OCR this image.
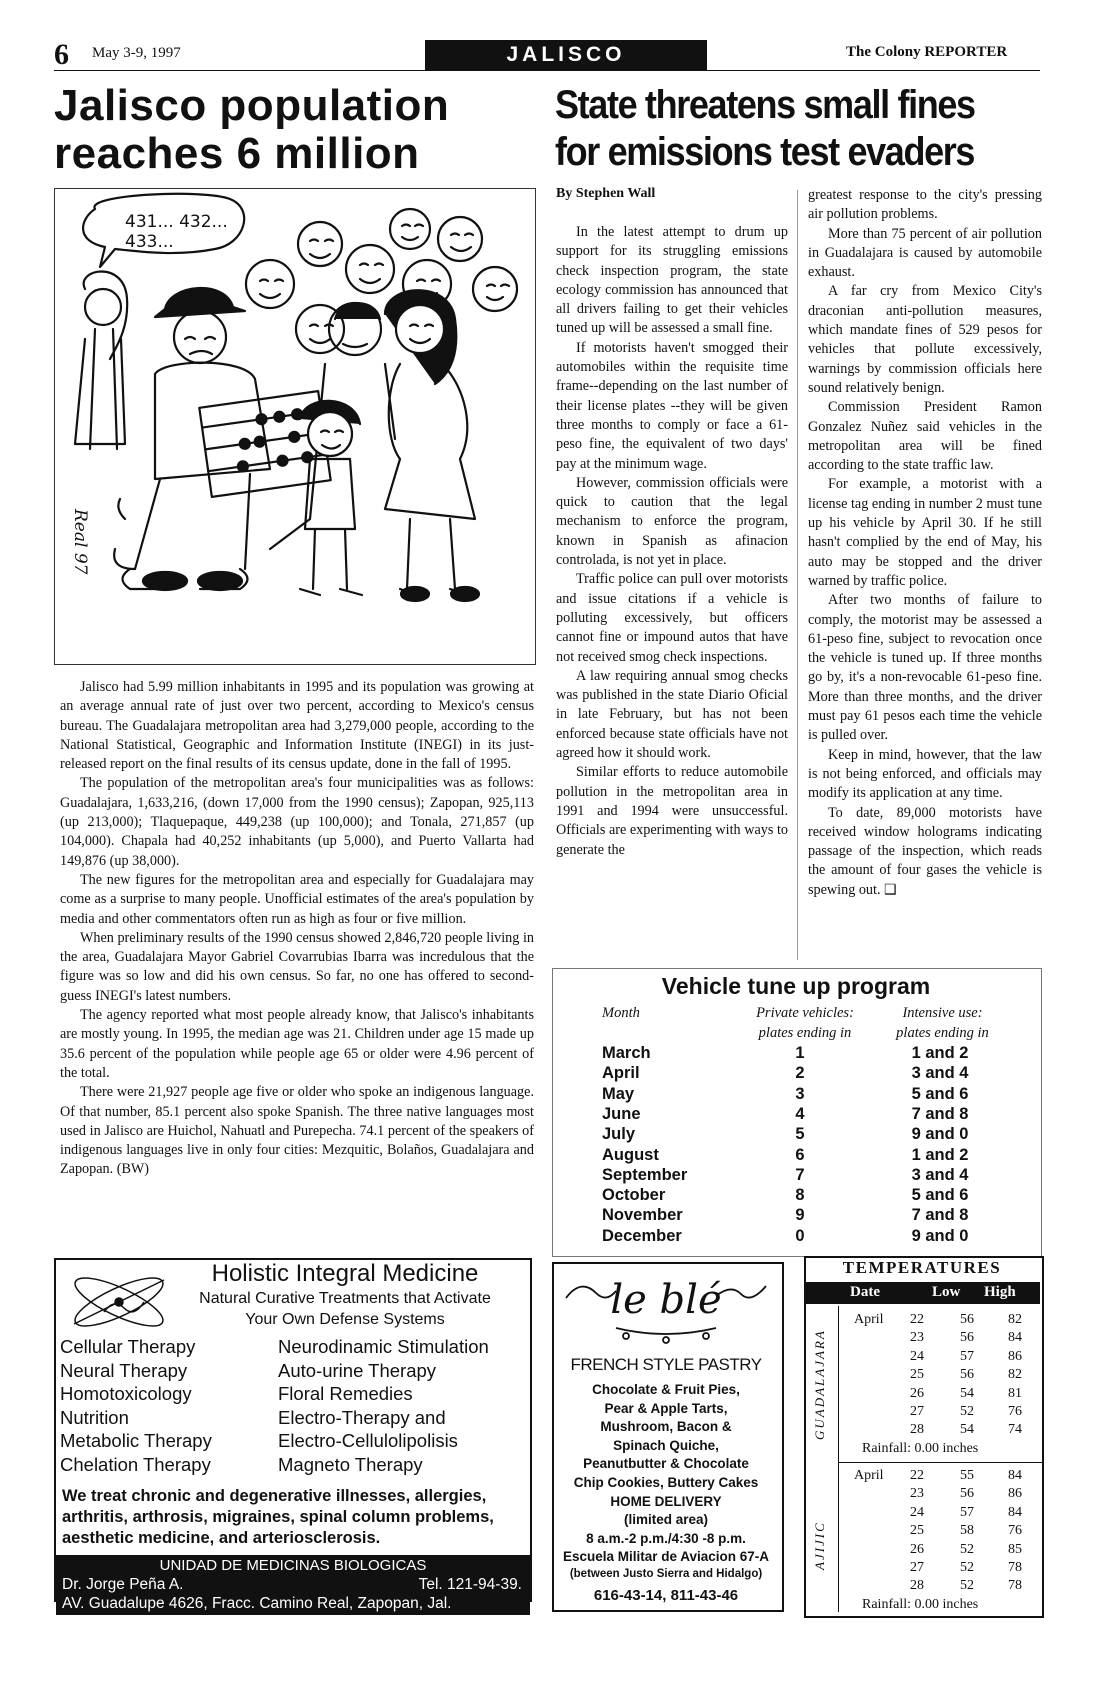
6 May 3-9, 1997	JALISCO	The Colony REPORTER
Jalisco population
reaches 6 million
431... 432...
433...
Real 97

Jalisco had 5.99 million inhabitants in 1995 and its population was growing at an average annual rate of just over two percent, according to Mexico's census bureau. The Guadalajara metropolitan area had 3,279,000 people, according to the National Statistical, Geographic and Information Institute (INEGI) in its just-released report on the final results of its census update, done in the fall of 1995.

The population of the metropolitan area's four municipalities was as follows: Guadalajara, 1,633,216, (down 17,000 from the 1990 census); Zapopan, 925,113 (up 213,000); Tlaquepaque, 449,238 (up 100,000); and Tonala, 271,857 (up 104,000). Chapala had 40,252 inhabitants (up 5,000), and Puerto Vallarta had 149,876 (up 38,000).

The new figures for the metropolitan area and especially for Guadalajara may come as a surprise to many people. Unofficial estimates of the area's population by media and other commentators often run as high as four or five million.

When preliminary results of the 1990 census showed 2,846,720 people living in the area, Guadalajara Mayor Gabriel Covarrubias Ibarra was incredulous that the figure was so low and did his own census. So far, no one has offered to second-guess INEGI's latest numbers.

The agency reported what most people already know, that Jalisco's inhabitants are mostly young. In 1995, the median age was 21. Children under age 15 made up 35.6 percent of the population while people age 65 or older were 4.96 percent of the total.

There were 21,927 people age five or older who spoke an indigenous language. Of that number, 85.1 percent also spoke Spanish. The three native languages most used in Jalisco are Huichol, Nahuatl and Purepecha. 74.1 percent of the speakers of indigenous languages live in only four cities: Mezquitic, Bolaños, Guadalajara and Zapopan. (BW)

State threatens small fines
for emissions test evaders
By Stephen Wall

In the latest attempt to drum up support for its struggling emissions check inspection program, the state ecology commission has announced that all drivers failing to get their vehicles tuned up will be assessed a small fine.

If motorists haven't smogged their automobiles within the requisite time frame--depending on the last number of their license plates --they will be given three months to comply or face a 61-peso fine, the equivalent of two days' pay at the minimum wage.

However, commission officials were quick to caution that the legal mechanism to enforce the program, known in Spanish as afinacion controlada, is not yet in place.

Traffic police can pull over motorists and issue citations if a vehicle is polluting excessively, but officers cannot fine or impound autos that have not received smog check inspections.

A law requiring annual smog checks was published in the state Diario Oficial in late February, but has not been enforced because state officials have not agreed how it should work.

Similar efforts to reduce automobile pollution in the metropolitan area in 1991 and 1994 were unsuccessful. Officials are experimenting with ways to generate the

greatest response to the city's pressing air pollution problems.

More than 75 percent of air pollution in Guadalajara is caused by automobile exhaust.

A far cry from Mexico City's draconian anti-pollution measures, which mandate fines of 529 pesos for vehicles that pollute excessively, warnings by commission officials here sound relatively benign.

Commission President Ramon Gonzalez Nuñez said vehicles in the metropolitan area will be fined according to the state traffic law.

For example, a motorist with a license tag ending in number 2 must tune up his vehicle by April 30. If he still hasn't complied by the end of May, his auto may be stopped and the driver warned by traffic police.

After two months of failure to comply, the motorist may be assessed a 61-peso fine, subject to revocation once the vehicle is tuned up. If three months go by, it's a non-revocable 61-peso fine. More than three months, and the driver must pay 61 pesos each time the vehicle is pulled over.

Keep in mind, however, that the law is not being enforced, and officials may modify its application at any time.

To date, 89,000 motorists have received window holograms indicating passage of the inspection, which reads the amount of four gases the vehicle is spewing out. ❑

Vehicle tune up program
Month	Private vehicles:
plates ending in
Intensive use:
plates ending in
March	1	1 and 2
April	2	3 and 4
May	3	5 and 6
June	4	7 and 8
July	5	9 and 0
August	6	1 and 2
September	7	3 and 4
October	8	5 and 6
November	9	7 and 8
December	0	9 and 0
Holistic Integral Medicine
Natural Curative Treatments that Activate
Your Own Defense Systems
Cellular Therapy
Neural Therapy
Homotoxicology
Nutrition
Metabolic Therapy
Chelation Therapy
Neurodinamic Stimulation
Auto-urine Therapy
Floral Remedies
Electro-Therapy and
Electro-Cellulolipolisis
Magneto Therapy
We treat chronic and degenerative illnesses, allergies, arthritis, arthrosis, migraines, spinal column problems, aesthetic medicine, and arteriosclerosis.
UNIDAD DE MEDICINAS BIOLOGICAS
Dr. Jorge Peña A.	Tel. 121-94-39.
AV. Guadalupe 4626, Fracc. Camino Real, Zapopan, Jal.
le blé
FRENCH STYLE PASTRY
Chocolate & Fruit Pies,
Pear & Apple Tarts,
Mushroom, Bacon &
Spinach Quiche,
Peanutbutter & Chocolate
Chip Cookies, Buttery Cakes
HOME DELIVERY
(limited area)
8 a.m.-2 p.m./4:30 -8 p.m.
Escuela Militar de Aviacion 67-A
(between Justo Sierra and Hidalgo)
616-43-14, 811-43-46
TEMPERATURES
Date	Low High
GUADALAJARA
AJIJIC
April	22	56	82
23	56	84
24	57	86
25	56	82
26	54	81
27	52	76
28	54	74
Rainfall: 0.00 inches
April	22	55	84
23	56	86
24	57	84
25	58	76
26	52	85
27	52	78
28	52	78
Rainfall: 0.00 inches
